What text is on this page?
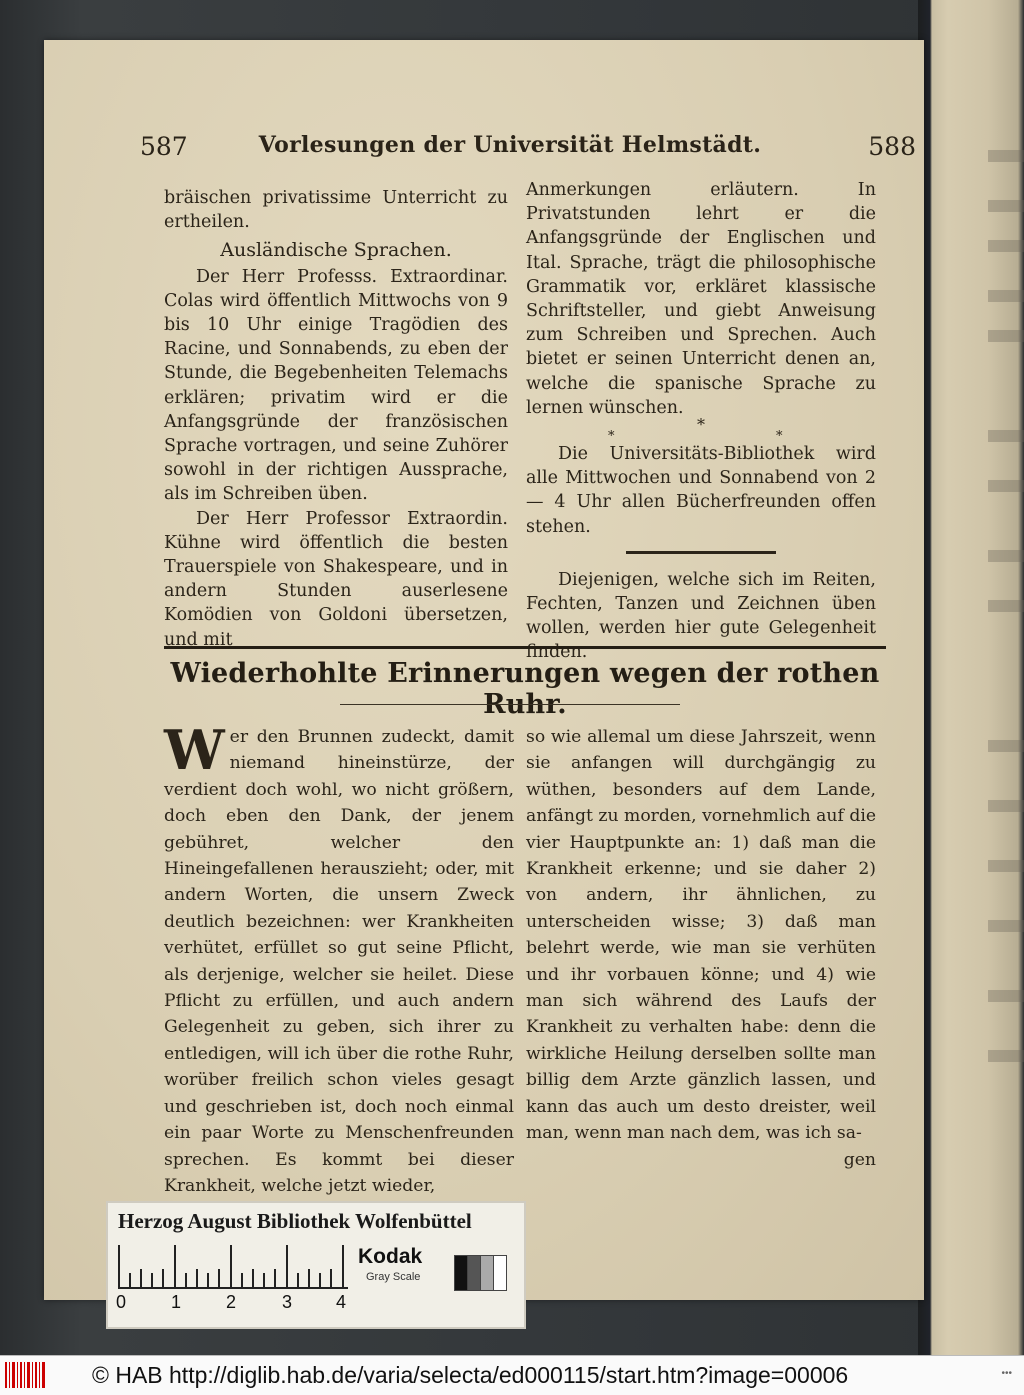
587	Vorlesungen der Universität Helmstädt.	588

bräischen privatissime Unterricht zu ertheilen.

Ausländische Sprachen.

Der Herr Professs. Extraordinar. Colas wird öffentlich Mittwochs von 9 bis 10 Uhr einige Tragödien des Racine, und Sonnabends, zu eben der Stunde, die Begebenheiten Telemachs erklären; privatim wird er die Anfangsgründe der französischen Sprache vortragen, und seine Zuhörer sowohl in der richtigen Aussprache, als im Schreiben üben.

Der Herr Professor Extraordin. Kühne wird öffentlich die besten Trauerspiele von Shakespeare, und in andern Stunden auserlesene Komödien von Goldoni übersetzen, und mit

Anmerkungen erläutern. In Privatstunden lehrt er die Anfangsgründe der Englischen und Ital. Sprache, trägt die philosophische Grammatik vor, erkläret klassische Schriftsteller, und giebt Anweisung zum Schreiben und Sprechen. Auch bietet er seinen Unterricht denen an, welche die spanische Sprache zu lernen wünschen.

*
*	*

Die Universitäts-Bibliothek wird alle Mittwochen und Sonnabend von 2 — 4 Uhr allen Bücherfreunden offen stehen.

Diejenigen, welche sich im Reiten, Fechten, Tanzen und Zeichnen üben wollen, werden hier gute Gelegenheit finden.

Wiederhohlte Erinnerungen wegen der rothen Ruhr.

Wer den Brunnen zudeckt, damit niemand hineinstürze, der verdient doch wohl, wo nicht größern, doch eben den Dank, der jenem gebühret, welcher den Hineingefallenen herauszieht; oder, mit andern Worten, die unsern Zweck deutlich bezeichnen: wer Krankheiten verhütet, erfüllet so gut seine Pflicht, als derjenige, welcher sie heilet. Diese Pflicht zu erfüllen, und auch andern Gelegenheit zu geben, sich ihrer zu entledigen, will ich über die rothe Ruhr, worüber freilich schon vieles gesagt und geschrieben ist, doch noch einmal ein paar Worte zu Menschenfreunden sprechen. Es kommt bei dieser Krankheit, welche jetzt wieder,

so wie allemal um diese Jahrszeit, wenn sie anfangen will durchgängig zu wüthen, besonders auf dem Lande, anfängt zu morden, vornehmlich auf die vier Hauptpunkte an: 1) daß man die Krankheit erkenne; und sie daher 2) von andern, ihr ähnlichen, zu unterscheiden wisse; 3) daß man belehrt werde, wie man sie verhüten und ihr vorbauen könne; und 4) wie man sich während des Laufs der Krankheit zu verhalten habe: denn die wirkliche Heilung derselben sollte man billig dem Arzte gänzlich lassen, und kann das auch um desto dreister, weil man, wenn man nach dem, was ich sa-

gen

Herzog August Bibliothek Wolfenbüttel
0 1 2	3 4
Kodak
Gray Scale
© HAB http://diglib.hab.de/varia/selecta/ed000115/start.htm?image=00006	•••
